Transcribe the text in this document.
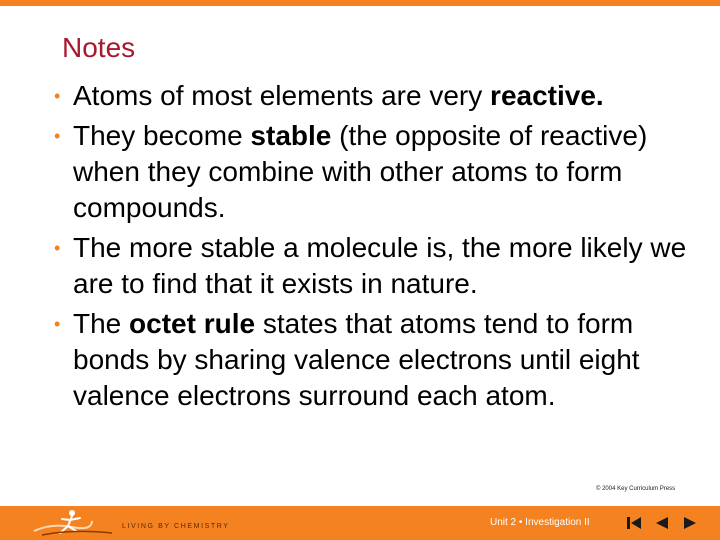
Notes
• Atoms of most elements are very reactive.
• They become stable (the opposite of reactive) when they combine with other atoms to form compounds.
• The more stable a molecule is, the more likely we are to find that it exists in nature.
• The octet rule states that atoms tend to form bonds by sharing valence electrons until eight valence electrons surround each atom.
© 2004 Key Curriculum Press
LIVING BY CHEMISTRY	Unit 2 • Investigation II
